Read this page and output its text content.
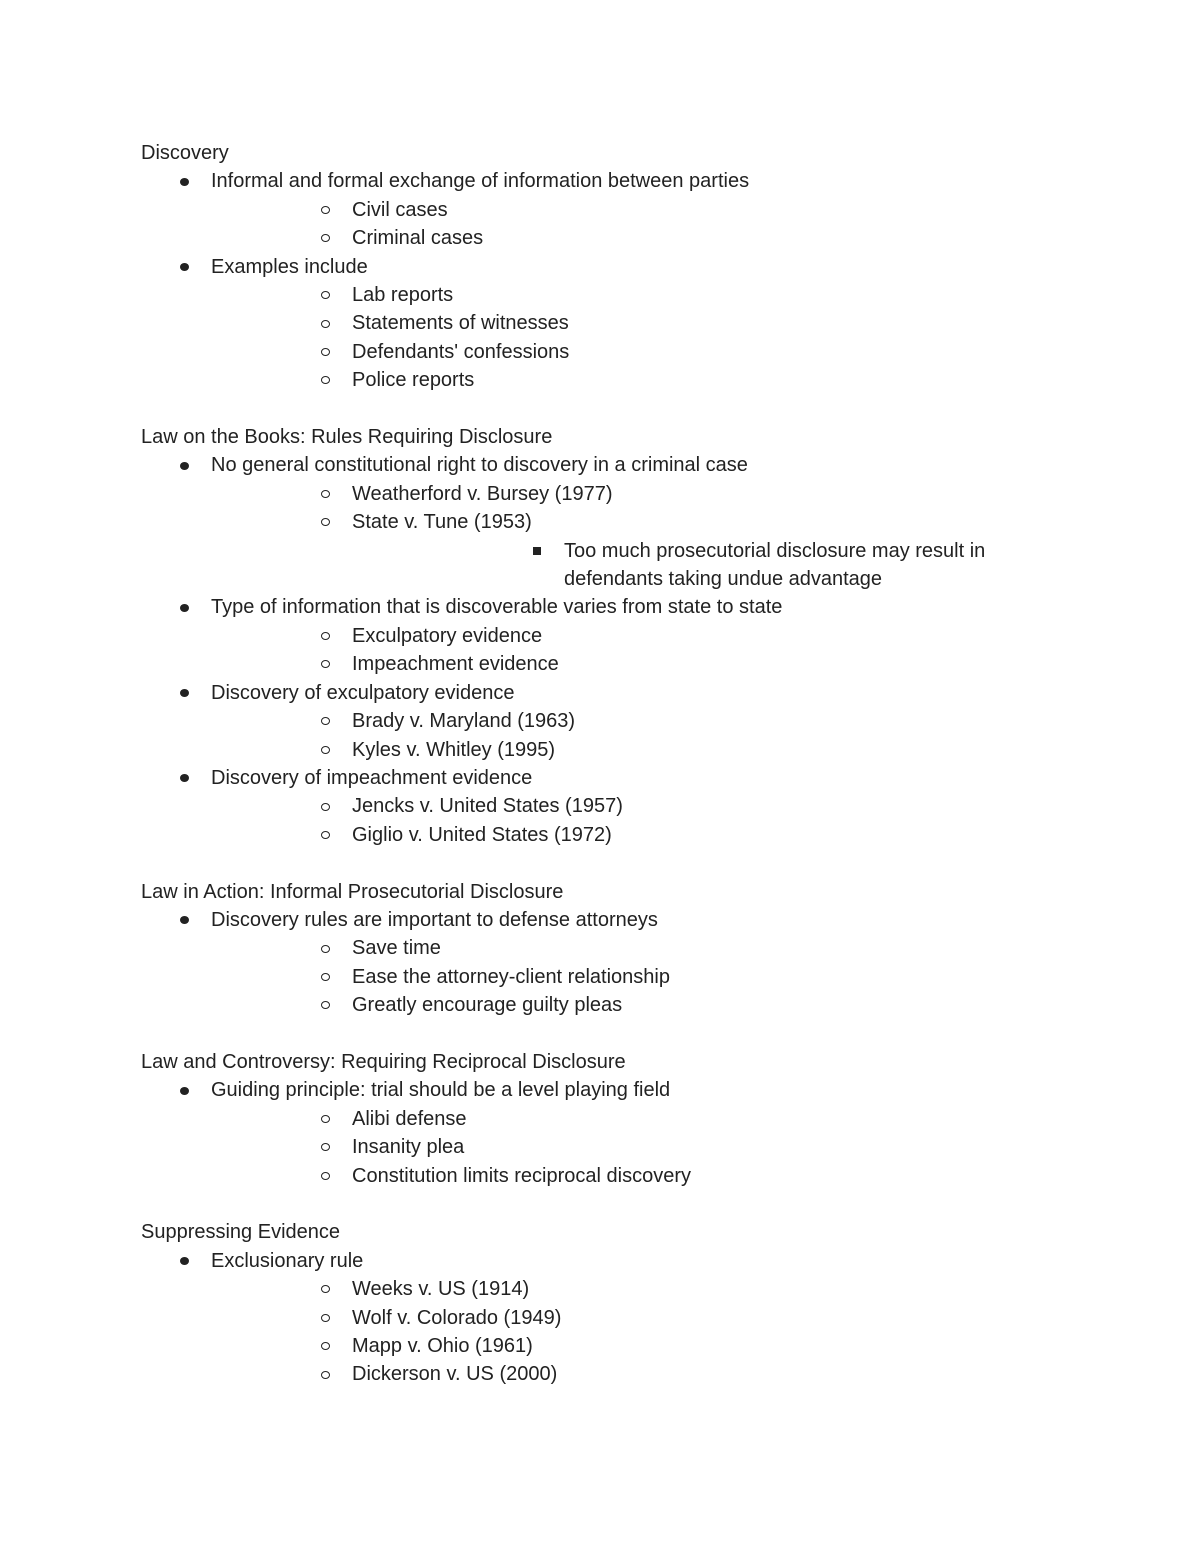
Discovery
Informal and formal exchange of information between parties
Civil cases
Criminal cases
Examples include
Lab reports
Statements of witnesses
Defendants' confessions
Police reports
Law on the Books: Rules Requiring Disclosure
No general constitutional right to discovery in a criminal case
Weatherford v. Bursey (1977)
State v. Tune (1953)
Too much prosecutorial disclosure may result in defendants taking undue advantage
Type of information that is discoverable varies from state to state
Exculpatory evidence
Impeachment evidence
Discovery of exculpatory evidence
Brady v. Maryland (1963)
Kyles v. Whitley (1995)
Discovery of impeachment evidence
Jencks v. United States (1957)
Giglio v. United States (1972)
Law in Action: Informal Prosecutorial Disclosure
Discovery rules are important to defense attorneys
Save time
Ease the attorney-client relationship
Greatly encourage guilty pleas
Law and Controversy: Requiring Reciprocal Disclosure
Guiding principle: trial should be a level playing field
Alibi defense
Insanity plea
Constitution limits reciprocal discovery
Suppressing Evidence
Exclusionary rule
Weeks v. US (1914)
Wolf v. Colorado (1949)
Mapp v. Ohio (1961)
Dickerson v. US (2000)
